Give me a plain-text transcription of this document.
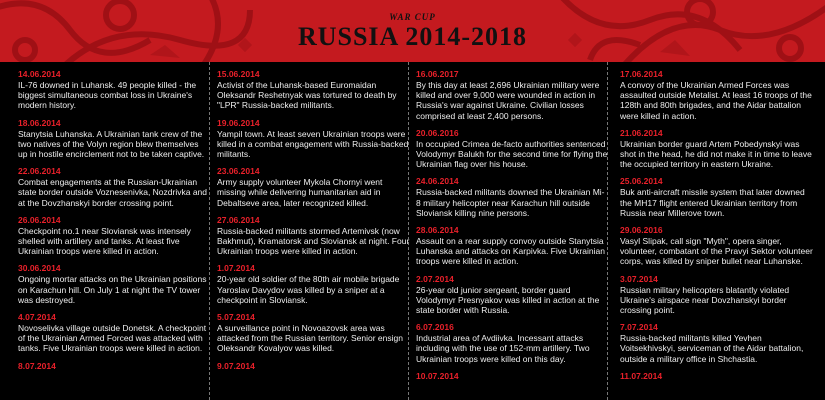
WAR CUP
RUSSIA 2014-2018
14.06.2014
IL-76 downed in Luhansk. 49 people killed - the biggest simultaneous combat loss in Ukraine's modern history.
18.06.2014
Stanytsia Luhanska. A Ukrainian tank crew of the two natives of the Volyn region blew themselves up in hostile encirclement not to be taken captive.
22.06.2014
Combat engagements at the Russian-Ukrainian state border outside Voznesenivka, Nozdrivka and at the Dovzhanskyi border crossing point.
26.06.2014
Checkpoint no.1 near Sloviansk was intensely shelled with artillery and tanks. At least five Ukrainian troops were killed in action.
30.06.2014
Ongoing mortar attacks on the Ukrainian positions on Karachun hill. On July 1 at night the TV tower was destroyed.
4.07.2014
Novoselivka village outside Donetsk. A checkpoint of the Ukrainian Armed Forced was attacked with tanks. Five Ukrainian troops were killed in action.
8.07.2014
15.06.2014
Activist of the Luhansk-based Euromaidan Oleksandr Reshetnyak was tortured to death by "LPR" Russia-backed militants.
19.06.2014
Yampil town. At least seven Ukrainian troops were killed in a combat engagement with Russia-backed militants.
23.06.2014
Army supply volunteer Mykola Chornyi went missing while delivering humanitarian aid in Debaltseve area, later recognized killed.
27.06.2014
Russia-backed militants stormed Artemivsk (now Bakhmut), Kramatorsk and Sloviansk at night. Four Ukrainian troops were killed in action.
1.07.2014
20-year old soldier of the 80th air mobile brigade Yaroslav Davydov was killed by a sniper at a checkpoint in Sloviansk.
5.07.2014
A surveillance point in Novoazovsk area was attacked from the Russian territory. Senior ensign Oleksandr Kovalyov was killed.
9.07.2014
16.06.2017
By this day at least 2,696 Ukrainian military were killed and over 9,000 were wounded in action in Russia's war against Ukraine. Civilian losses comprised at least 2,400 persons.
20.06.2016
In occupied Crimea de-facto authorities sentenced Volodymyr Balukh for the second time for flying the Ukrainian flag over his house.
24.06.2014
Russia-backed militants downed the Ukrainian Mi-8 military helicopter near Karachun hill outside Sloviansk killing nine persons.
28.06.2014
Assault on a rear supply convoy outside Stanytsia Luhanska and attacks on Karpivka. Five Ukrainian troops were killed in action.
2.07.2014
26-year old junior sergeant, border guard Volodymyr Presnyakov was killed in action at the state border with Russia.
6.07.2016
Industrial area of Avdiivka. Incessant attacks including with the use of 152-mm artillery. Two Ukrainian troops were killed on this day.
10.07.2014
17.06.2014
A convoy of the Ukrainian Armed Forces was assaulted outside Metalist. At least 16 troops of the 128th and 80th brigades, and the Aidar battalion were killed in action.
21.06.2014
Ukrainian border guard Artem Pobedynskyi was shot in the head, he did not make it in time to leave the occupied territory in eastern Ukraine.
25.06.2014
Buk anti-aircraft missile system that later downed the MH17 flight entered Ukrainian territory from Russia near Millerove town.
29.06.2016
Vasyl Slipak, call sign "Myth", opera singer, volunteer, combatant of the Pravyi Sektor volunteer corps, was killed by sniper bullet near Luhanske.
3.07.2014
Russian military helicopters blatantly violated Ukraine's airspace near Dovzhanskyi border crossing point.
7.07.2014
Russia-backed militants killed Yevhen Voitsekhivskyi, serviceman of the Aidar battalion, outside a military office in Shchastia.
11.07.2014
